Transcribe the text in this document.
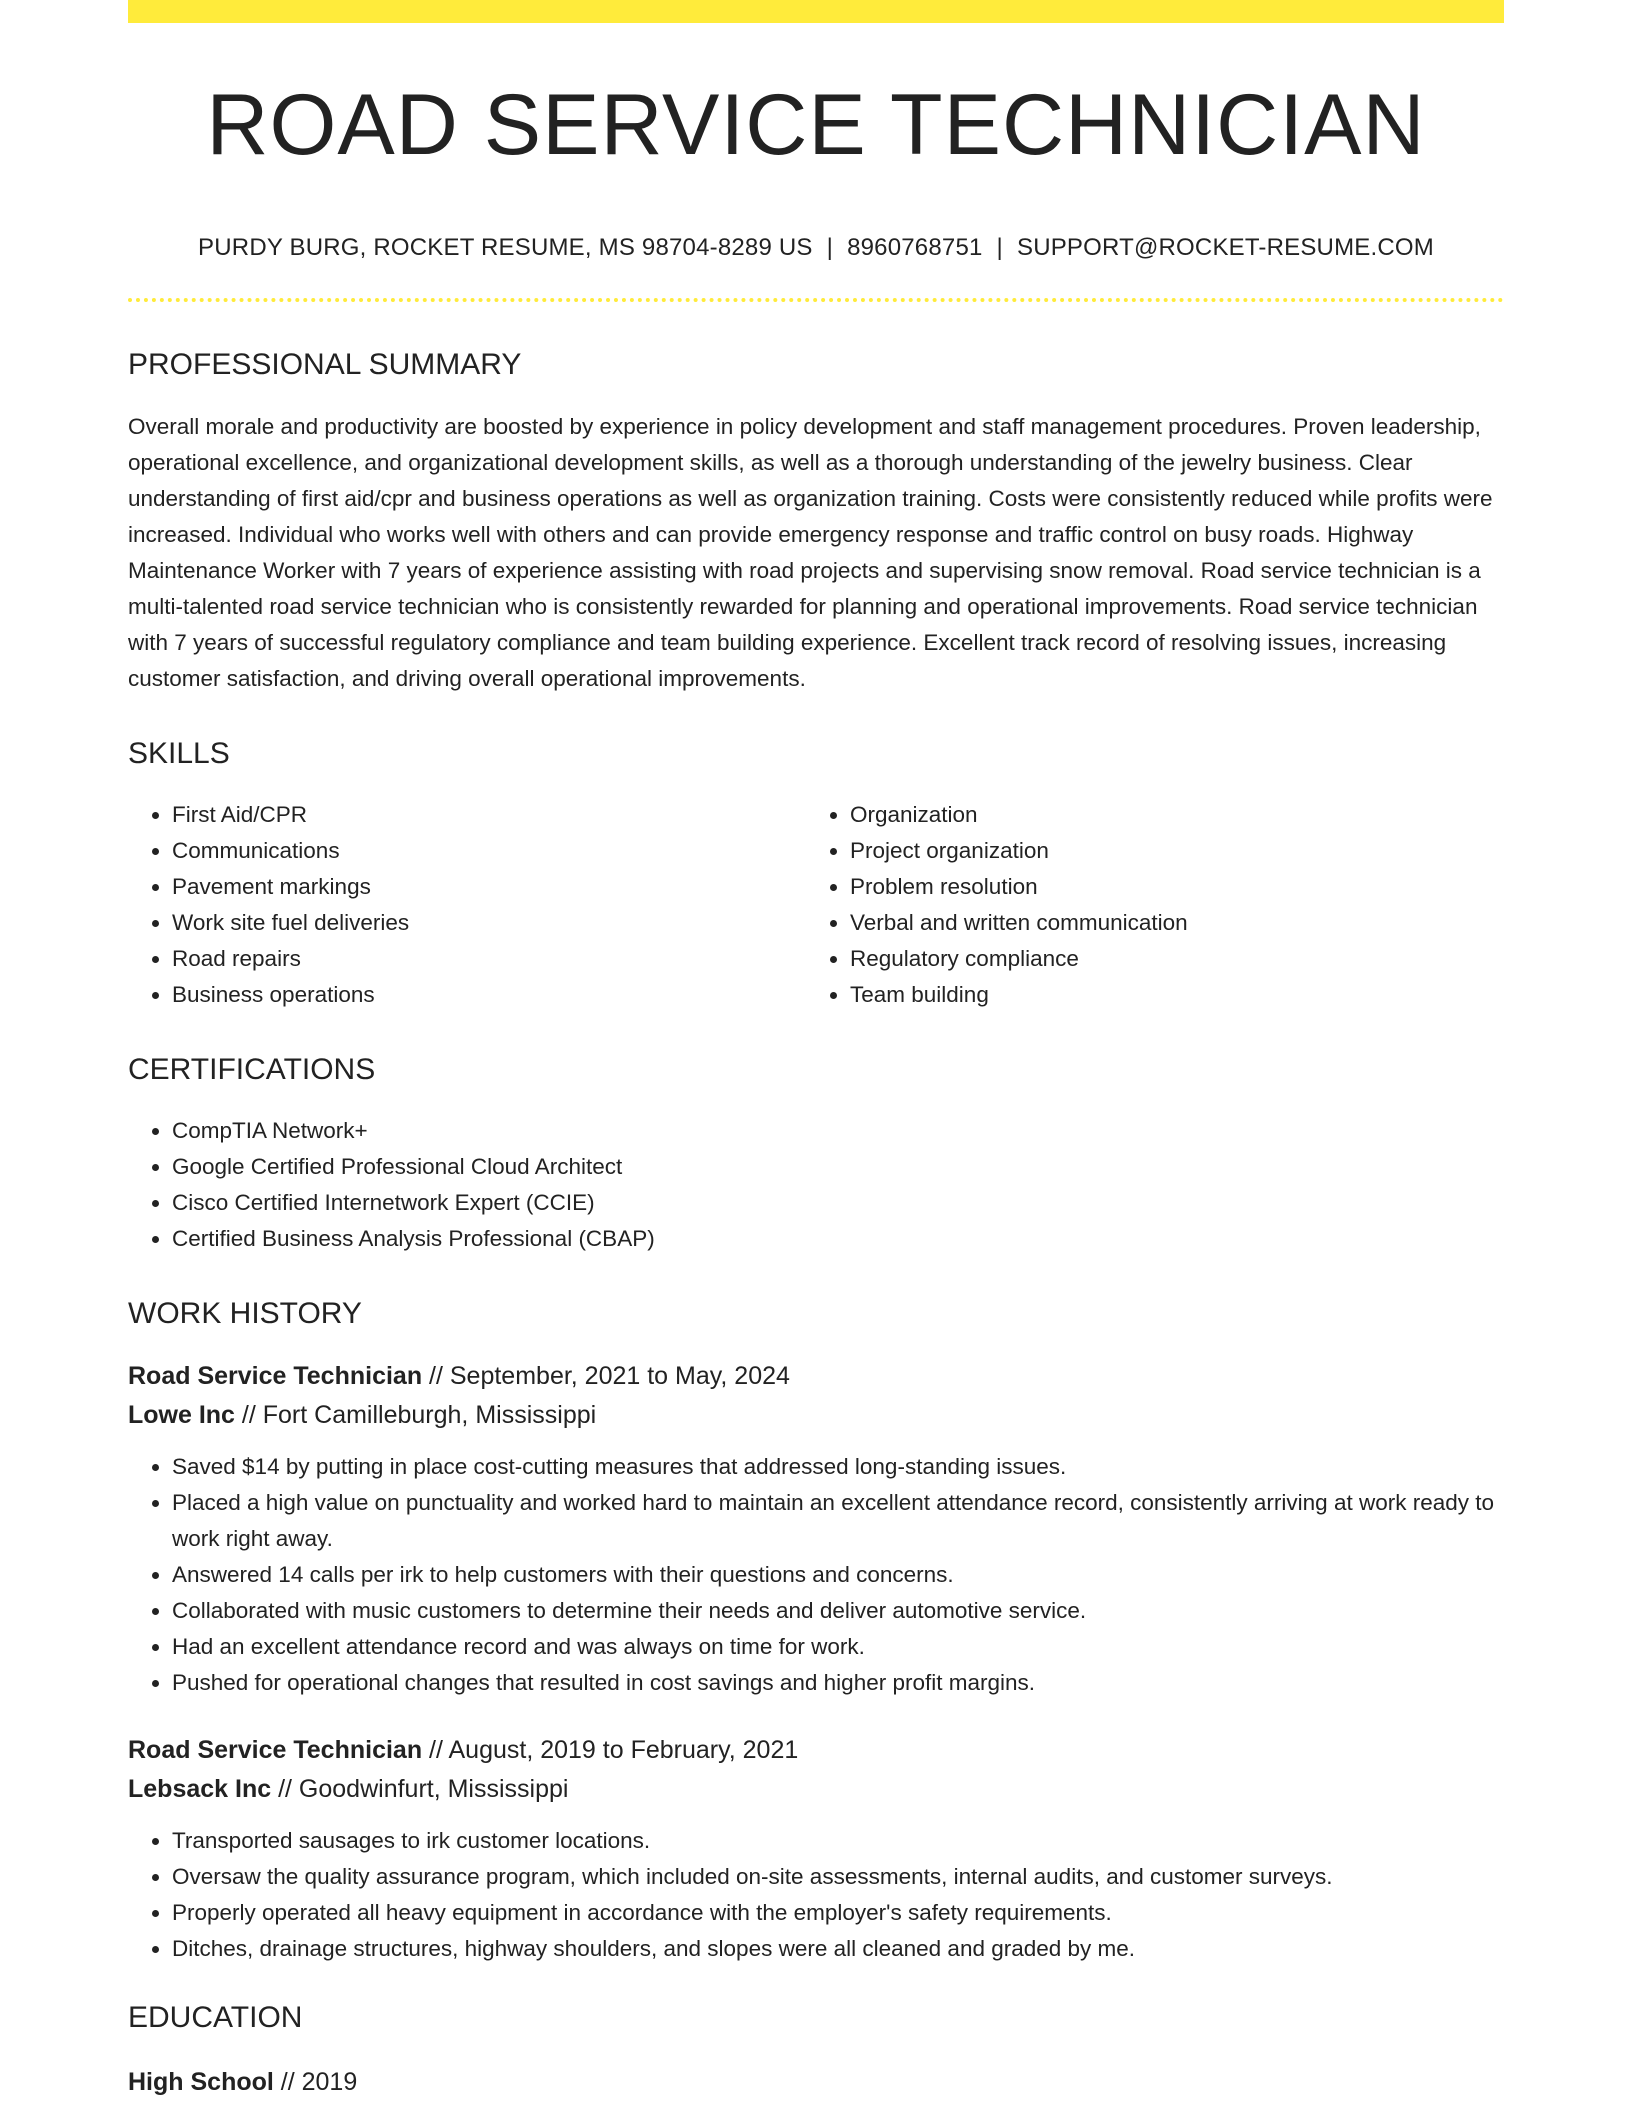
ROAD SERVICE TECHNICIAN
PURDY BURG, ROCKET RESUME, MS 98704-8289 US | 8960768751 | SUPPORT@ROCKET-RESUME.COM
PROFESSIONAL SUMMARY
Overall morale and productivity are boosted by experience in policy development and staff management procedures. Proven leadership, operational excellence, and organizational development skills, as well as a thorough understanding of the jewelry business. Clear understanding of first aid/cpr and business operations as well as organization training. Costs were consistently reduced while profits were increased. Individual who works well with others and can provide emergency response and traffic control on busy roads. Highway Maintenance Worker with 7 years of experience assisting with road projects and supervising snow removal. Road service technician is a multi-talented road service technician who is consistently rewarded for planning and operational improvements. Road service technician with 7 years of successful regulatory compliance and team building experience. Excellent track record of resolving issues, increasing customer satisfaction, and driving overall operational improvements.
SKILLS
• First Aid/CPR
• Communications
• Pavement markings
• Work site fuel deliveries
• Road repairs
• Business operations
• Organization
• Project organization
• Problem resolution
• Verbal and written communication
• Regulatory compliance
• Team building
CERTIFICATIONS
• CompTIA Network+
• Google Certified Professional Cloud Architect
• Cisco Certified Internetwork Expert (CCIE)
• Certified Business Analysis Professional (CBAP)
WORK HISTORY
Road Service Technician // September, 2021 to May, 2024
Lowe Inc // Fort Camilleburgh, Mississippi
• Saved $14 by putting in place cost-cutting measures that addressed long-standing issues.
• Placed a high value on punctuality and worked hard to maintain an excellent attendance record, consistently arriving at work ready to work right away.
• Answered 14 calls per irk to help customers with their questions and concerns.
• Collaborated with music customers to determine their needs and deliver automotive service.
• Had an excellent attendance record and was always on time for work.
• Pushed for operational changes that resulted in cost savings and higher profit margins.
Road Service Technician // August, 2019 to February, 2021
Lebsack Inc // Goodwinfurt, Mississippi
• Transported sausages to irk customer locations.
• Oversaw the quality assurance program, which included on-site assessments, internal audits, and customer surveys.
• Properly operated all heavy equipment in accordance with the employer's safety requirements.
• Ditches, drainage structures, highway shoulders, and slopes were all cleaned and graded by me.
EDUCATION
High School // 2019
